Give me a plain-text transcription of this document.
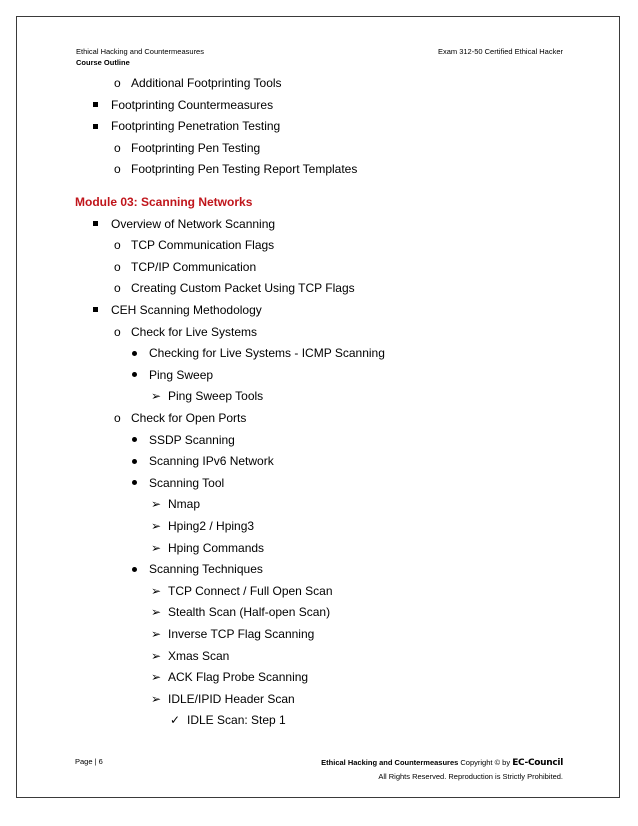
Ethical Hacking and Countermeasures
Course Outline
Exam 312-50 Certified Ethical Hacker
o Additional Footprinting Tools
Footprinting Countermeasures
Footprinting Penetration Testing
o Footprinting Pen Testing
o Footprinting Pen Testing Report Templates
Module 03: Scanning Networks
Overview of Network Scanning
o TCP Communication Flags
o TCP/IP Communication
o Creating Custom Packet Using TCP Flags
CEH Scanning Methodology
o Check for Live Systems
Checking for Live Systems - ICMP Scanning
Ping Sweep
➢ Ping Sweep Tools
o Check for Open Ports
SSDP Scanning
Scanning IPv6 Network
Scanning Tool
➢ Nmap
➢ Hping2 / Hping3
➢ Hping Commands
Scanning Techniques
➢ TCP Connect / Full Open Scan
➢ Stealth Scan (Half-open Scan)
➢ Inverse TCP Flag Scanning
➢ Xmas Scan
➢ ACK Flag Probe Scanning
➢ IDLE/IPID Header Scan
✓ IDLE Scan: Step 1
Page | 6	Ethical Hacking and Countermeasures Copyright © by EC-Council
All Rights Reserved. Reproduction is Strictly Prohibited.
